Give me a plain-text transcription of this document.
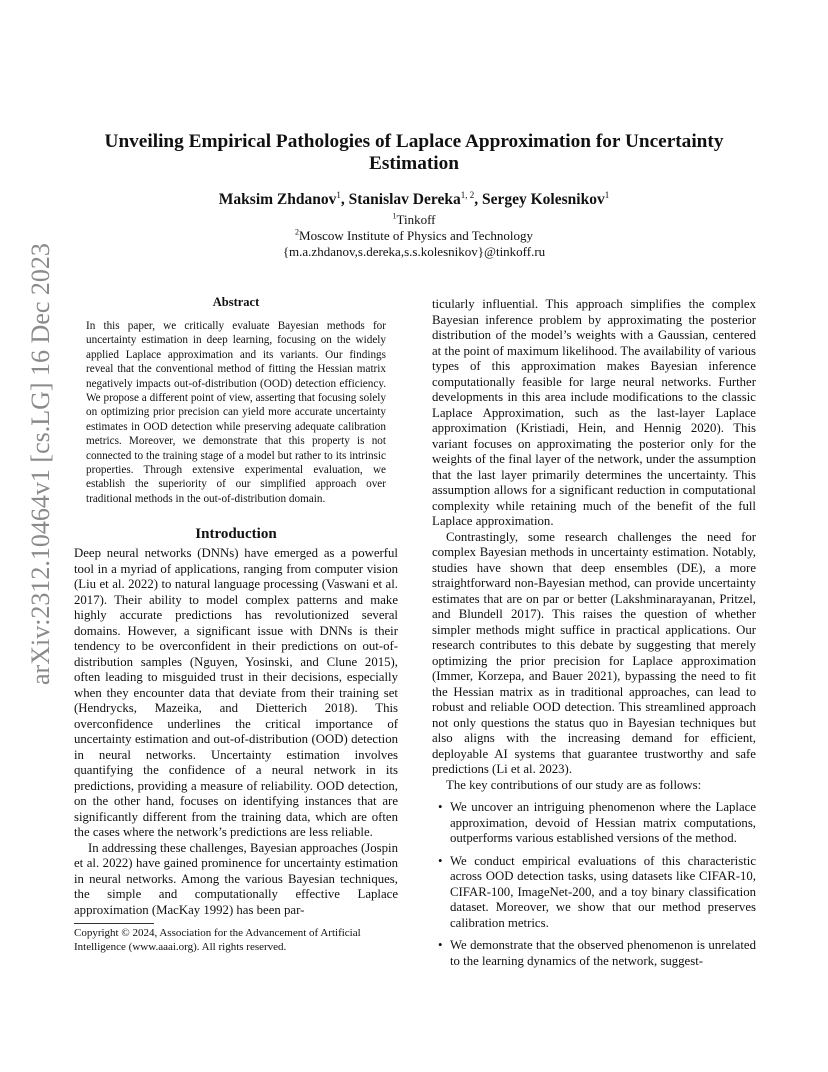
arXiv:2312.10464v1 [cs.LG] 16 Dec 2023
Unveiling Empirical Pathologies of Laplace Approximation for Uncertainty Estimation
Maksim Zhdanov$^1$, Stanislav Dereka$^{1, 2}$, Sergey Kolesnikov$^1$
$^1$Tinkoff
$^2$Moscow Institute of Physics and Technology
{m.a.zhdanov,s.dereka,s.s.kolesnikov}@tinkoff.ru
Abstract
In this paper, we critically evaluate Bayesian methods for uncertainty estimation in deep learning, focusing on the widely applied Laplace approximation and its variants. Our findings reveal that the conventional method of fitting the Hessian matrix negatively impacts out-of-distribution (OOD) detection efficiency. We propose a different point of view, asserting that focusing solely on optimizing prior precision can yield more accurate uncertainty estimates in OOD detection while preserving adequate calibration metrics. Moreover, we demonstrate that this property is not connected to the training stage of a model but rather to its intrinsic properties. Through extensive experimental evaluation, we establish the superiority of our simplified approach over traditional methods in the out-of-distribution domain.
Introduction

Deep neural networks (DNNs) have emerged as a powerful tool in a myriad of applications, ranging from computer vision (Liu et al. 2022) to natural language processing (Vaswani et al. 2017). Their ability to model complex patterns and make highly accurate predictions has revolutionized several domains. However, a significant issue with DNNs is their tendency to be overconfident in their predictions on out-of-distribution samples (Nguyen, Yosinski, and Clune 2015), often leading to misguided trust in their decisions, especially when they encounter data that deviate from their training set (Hendrycks, Mazeika, and Dietterich 2018). This overconfidence underlines the critical importance of uncertainty estimation and out-of-distribution (OOD) detection in neural networks. Uncertainty estimation involves quantifying the confidence of a neural network in its predictions, providing a measure of reliability. OOD detection, on the other hand, focuses on identifying instances that are significantly different from the training data, which are often the cases where the network’s predictions are less reliable.

In addressing these challenges, Bayesian approaches (Jospin et al. 2022) have gained prominence for uncertainty estimation in neural networks. Among the various Bayesian techniques, the simple and computationally effective Laplace approximation (MacKay 1992) has been par-

Copyright © 2024, Association for the Advancement of Artificial Intelligence (www.aaai.org). All rights reserved.

ticularly influential. This approach simplifies the complex Bayesian inference problem by approximating the posterior distribution of the model’s weights with a Gaussian, centered at the point of maximum likelihood. The availability of various types of this approximation makes Bayesian inference computationally feasible for large neural networks. Further developments in this area include modifications to the classic Laplace Approximation, such as the last-layer Laplace approximation (Kristiadi, Hein, and Hennig 2020). This variant focuses on approximating the posterior only for the weights of the final layer of the network, under the assumption that the last layer primarily determines the uncertainty. This assumption allows for a significant reduction in computational complexity while retaining much of the benefit of the full Laplace approximation.

Contrastingly, some research challenges the need for complex Bayesian methods in uncertainty estimation. Notably, studies have shown that deep ensembles (DE), a more straightforward non-Bayesian method, can provide uncertainty estimates that are on par or better (Lakshminarayanan, Pritzel, and Blundell 2017). This raises the question of whether simpler methods might suffice in practical applications. Our research contributes to this debate by suggesting that merely optimizing the prior precision for Laplace approximation (Immer, Korzepa, and Bauer 2021), bypassing the need to fit the Hessian matrix as in traditional approaches, can lead to robust and reliable OOD detection. This streamlined approach not only questions the status quo in Bayesian techniques but also aligns with the increasing demand for efficient, deployable AI systems that guarantee trustworthy and safe predictions (Li et al. 2023).

The key contributions of our study are as follows:

• We uncover an intriguing phenomenon where the Laplace approximation, devoid of Hessian matrix computations, outperforms various established versions of the method.
• We conduct empirical evaluations of this characteristic across OOD detection tasks, using datasets like CIFAR-10, CIFAR-100, ImageNet-200, and a toy binary classification dataset. Moreover, we show that our method preserves calibration metrics.
• We demonstrate that the observed phenomenon is unrelated to the learning dynamics of the network, suggest-
